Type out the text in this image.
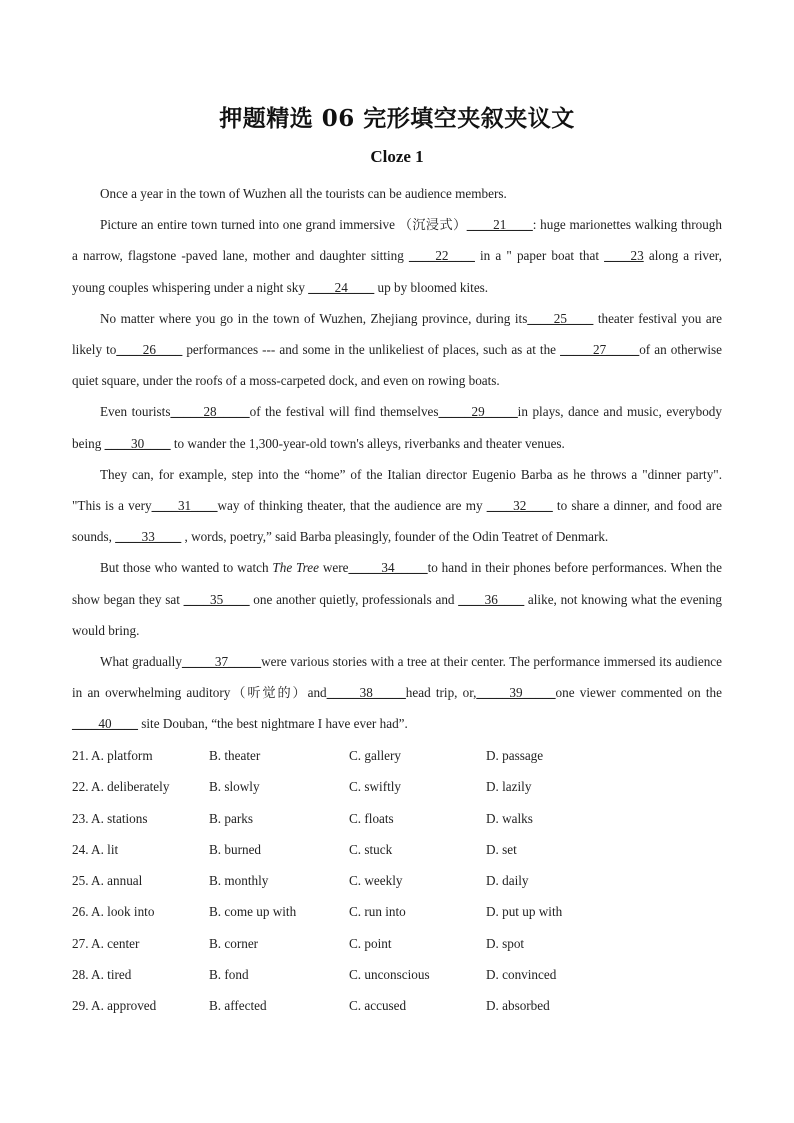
押题精选 06 完形填空夹叙夹议文
Cloze 1

Once a year in the town of Wuzhen all the tourists can be audience members.

Picture an entire town turned into one grand immersive （沉浸式）____21____: huge marionettes walking through a narrow, flagstone -paved lane, mother and daughter sitting ____22____ in a " paper boat that ____23 along a river, young couples whispering under a night sky ____24____ up by bloomed kites.

No matter where you go in the town of Wuzhen, Zhejiang province, during its____25____ theater festival you are likely to____26____ performances --- and some in the unlikeliest of places, such as at the _____27_____of an otherwise quiet square, under the roofs of a moss-carpeted dock, and even on rowing boats.

Even tourists_____28_____of the festival will find themselves_____29_____in plays, dance and music, everybody being ____30____ to wander the 1,300-year-old town's alleys, riverbanks and theater venues.

They can, for example, step into the “home” of the Italian director Eugenio Barba as he throws a "dinner party". "This is a very____31____way of thinking theater, that the audience are my ____32____ to share a dinner, and food are sounds, ____33____ , words, poetry,” said Barba pleasingly, founder of the Odin Teatret of Denmark.

But those who wanted to watch The Tree were_____34_____to hand in their phones before performances. When the show began they sat ____35____ one another quietly, professionals and ____36____ alike, not knowing what the evening would bring.

What gradually_____37_____were various stories with a tree at their center. The performance immersed its audience in an overwhelming auditory（听觉的）and_____38_____head trip, or,_____39_____one viewer commented on the ____40____ site Douban, “the best nightmare I have ever had”.

21. A. platform	B. theater	C. gallery	D. passage
22. A. deliberately	B. slowly	C. swiftly	D. lazily
23. A. stations	B. parks	C. floats	D. walks
24. A. lit	B. burned	C. stuck	D. set
25. A. annual	B. monthly	C. weekly	D. daily
26. A. look into	B. come up with	C. run into	D. put up with
27. A. center	B. corner	C. point	D. spot
28. A. tired	B. fond	C. unconscious	D. convinced
29. A. approved	B. affected	C. accused	D. absorbed
